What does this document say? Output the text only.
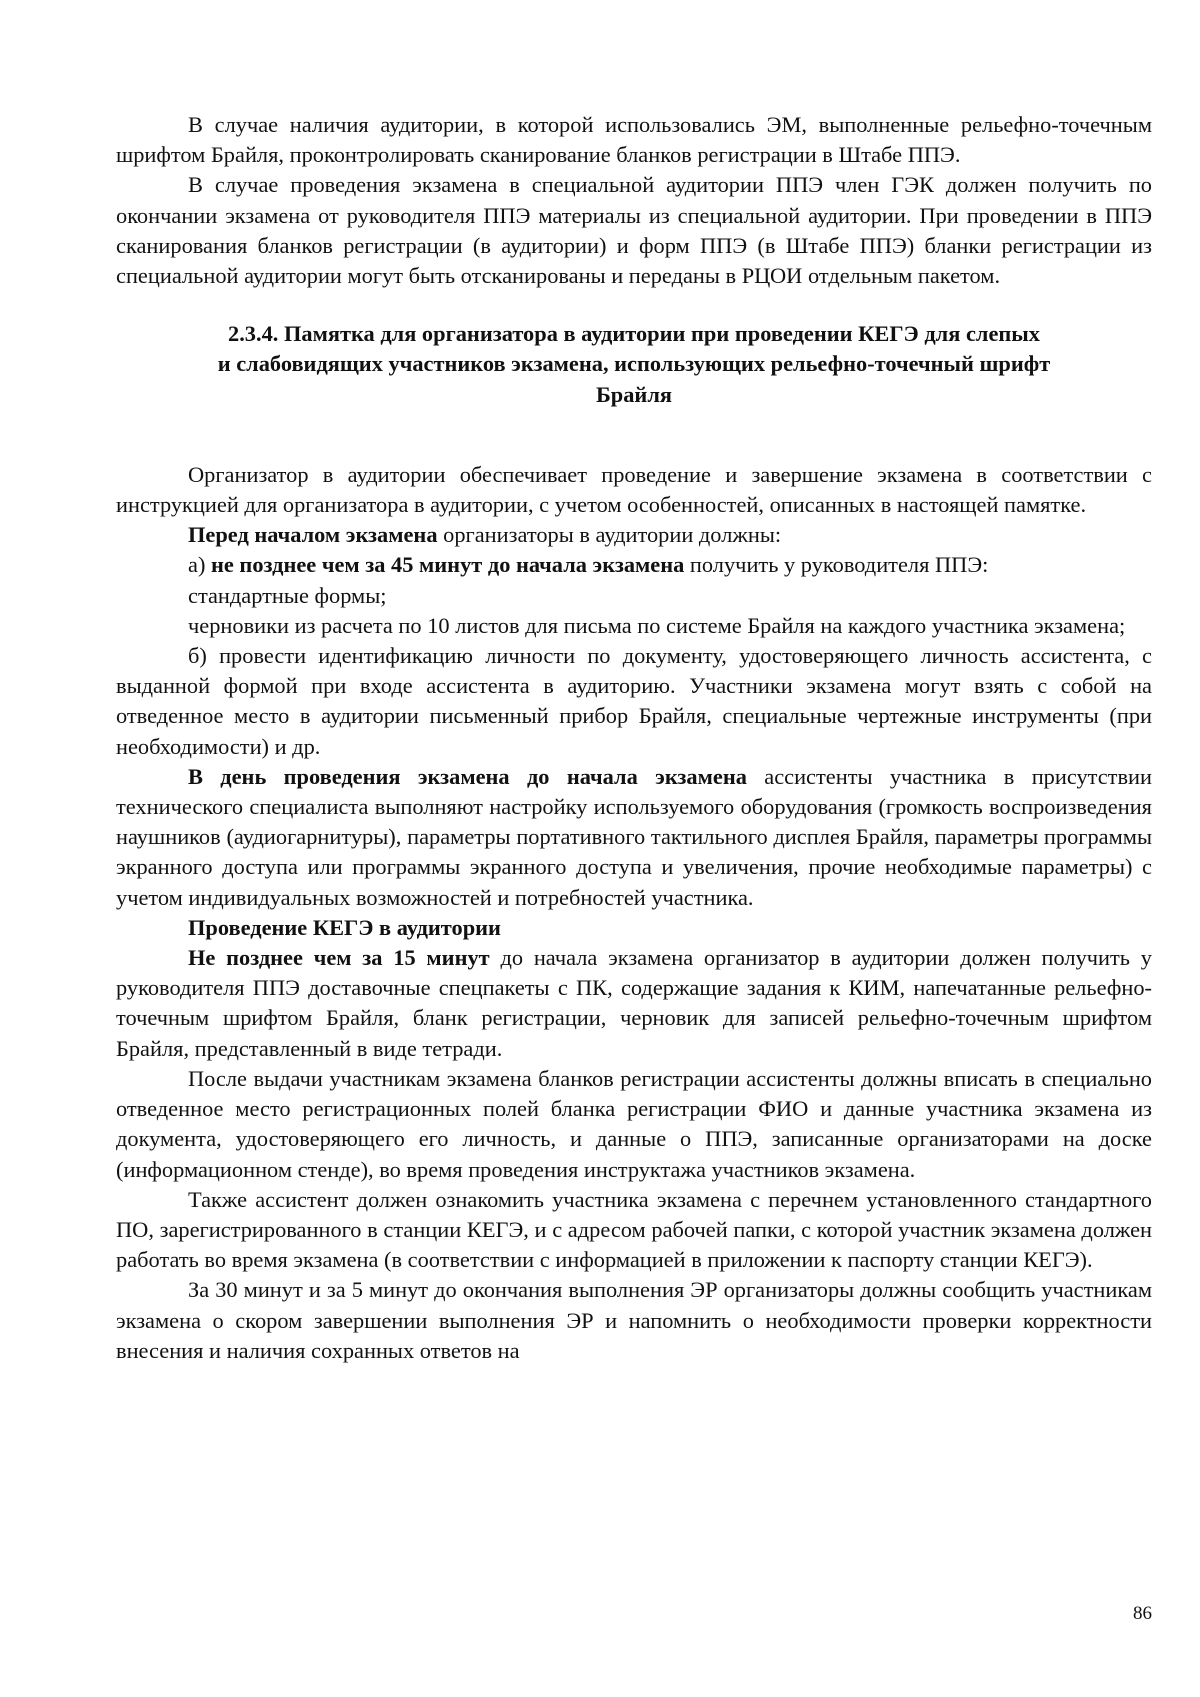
В случае наличия аудитории, в которой использовались ЭМ, выполненные рельефно-точечным шрифтом Брайля, проконтролировать сканирование бланков регистрации в Штабе ППЭ.

В случае проведения экзамена в специальной аудитории ППЭ член ГЭК должен получить по окончании экзамена от руководителя ППЭ материалы из специальной аудитории. При проведении в ППЭ сканирования бланков регистрации (в аудитории) и форм ППЭ (в Штабе ППЭ) бланки регистрации из специальной аудитории могут быть отсканированы и переданы в РЦОИ отдельным пакетом.

2.3.4. Памятка для организатора в аудитории при проведении КЕГЭ для слепых
и слабовидящих участников экзамена, использующих рельефно-точечный шрифт
Брайля

Организатор в аудитории обеспечивает проведение и завершение экзамена в соответствии с инструкцией для организатора в аудитории, с учетом особенностей, описанных в настоящей памятке.

Перед началом экзамена организаторы в аудитории должны:

а) не позднее чем за 45 минут до начала экзамена получить у руководителя ППЭ:

стандартные формы;

черновики из расчета по 10 листов для письма по системе Брайля на каждого участника экзамена;

б) провести идентификацию личности по документу, удостоверяющего личность ассистента, с выданной формой при входе ассистента в аудиторию. Участники экзамена могут взять с собой на отведенное место в аудитории письменный прибор Брайля, специальные чертежные инструменты (при необходимости) и др.

В день проведения экзамена до начала экзамена ассистенты участника в присутствии технического специалиста выполняют настройку используемого оборудования (громкость воспроизведения наушников (аудиогарнитуры), параметры портативного тактильного дисплея Брайля, параметры программы экранного доступа или программы экранного доступа и увеличения, прочие необходимые параметры) с учетом индивидуальных возможностей и потребностей участника.

Проведение КЕГЭ в аудитории

Не позднее чем за 15 минут до начала экзамена организатор в аудитории должен получить у руководителя ППЭ доставочные спецпакеты с ПК, содержащие задания к КИМ, напечатанные рельефно-точечным шрифтом Брайля, бланк регистрации, черновик для записей рельефно-точечным шрифтом Брайля, представленный в виде тетради.

После выдачи участникам экзамена бланков регистрации ассистенты должны вписать в специально отведенное место регистрационных полей бланка регистрации ФИО и данные участника экзамена из документа, удостоверяющего его личность, и данные о ППЭ, записанные организаторами на доске (информационном стенде), во время проведения инструктажа участников экзамена.

Также ассистент должен ознакомить участника экзамена с перечнем установленного стандартного ПО, зарегистрированного в станции КЕГЭ, и с адресом рабочей папки, с которой участник экзамена должен работать во время экзамена (в соответствии с информацией в приложении к паспорту станции КЕГЭ).

За 30 минут и за 5 минут до окончания выполнения ЭР организаторы должны сообщить участникам экзамена о скором завершении выполнения ЭР и напомнить о необходимости проверки корректности внесения и наличия сохранных ответов на

86
